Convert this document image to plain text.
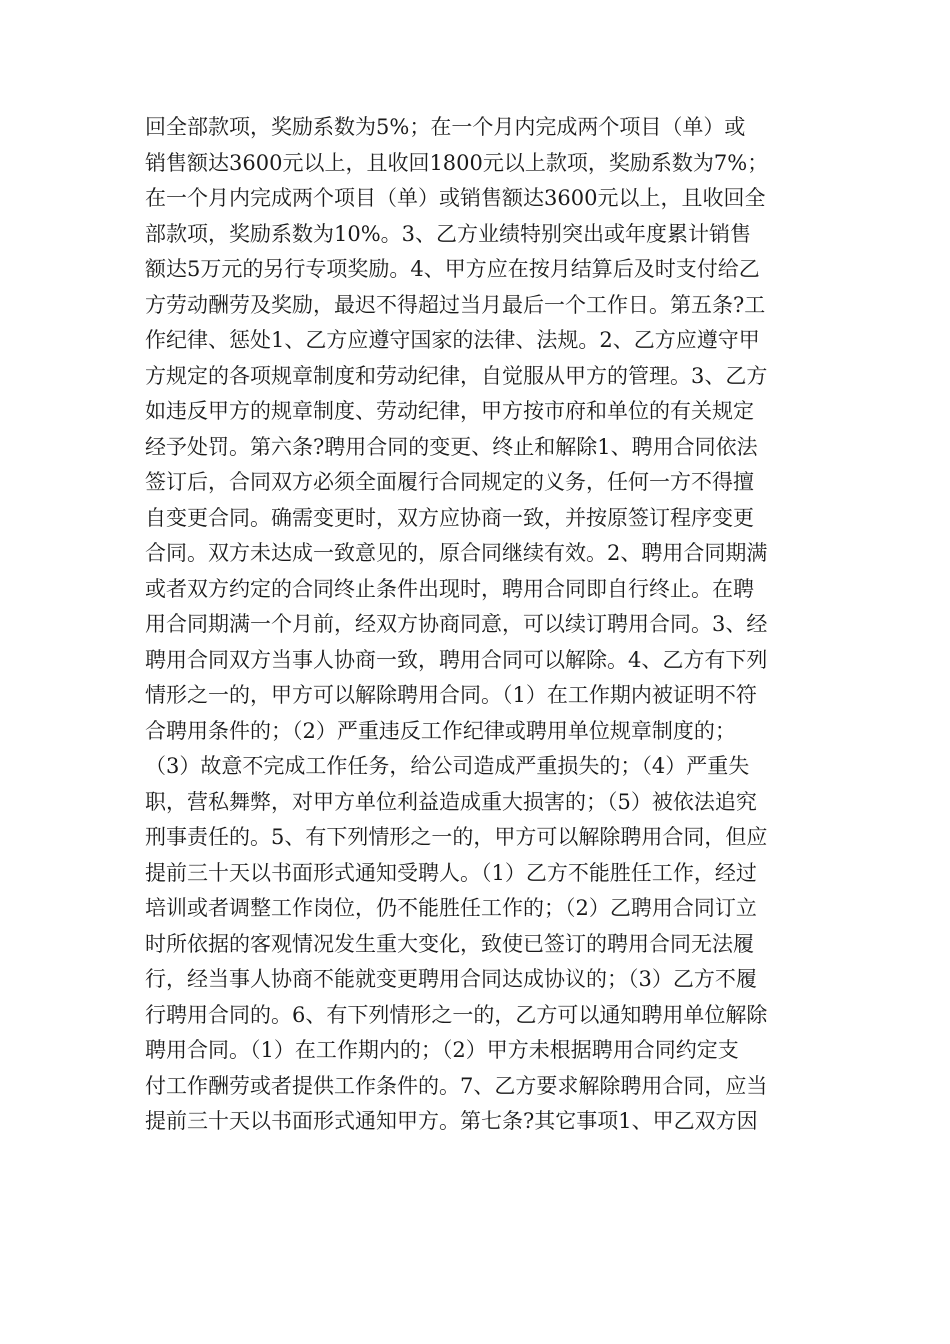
回全部款项，奖励系数为5%；在一个月内完成两个项目（单）或
销售额达3600元以上，且收回1800元以上款项，奖励系数为7%；
在一个月内完成两个项目（单）或销售额达3600元以上，且收回全
部款项，奖励系数为10%。3、乙方业绩特别突出或年度累计销售
额达5万元的另行专项奖励。4、甲方应在按月结算后及时支付给乙
方劳动酬劳及奖励，最迟不得超过当月最后一个工作日。第五条?工
作纪律、惩处1、乙方应遵守国家的法律、法规。2、乙方应遵守甲
方规定的各项规章制度和劳动纪律，自觉服从甲方的管理。3、乙方
如违反甲方的规章制度、劳动纪律，甲方按市府和单位的有关规定
经予处罚。第六条?聘用合同的变更、终止和解除1、聘用合同依法
签订后，合同双方必须全面履行合同规定的义务，任何一方不得擅
自变更合同。确需变更时，双方应协商一致，并按原签订程序变更
合同。双方未达成一致意见的，原合同继续有效。2、聘用合同期满
或者双方约定的合同终止条件出现时，聘用合同即自行终止。在聘
用合同期满一个月前，经双方协商同意，可以续订聘用合同。3、经
聘用合同双方当事人协商一致，聘用合同可以解除。4、乙方有下列
情形之一的，甲方可以解除聘用合同。（1）在工作期内被证明不符
合聘用条件的；（2）严重违反工作纪律或聘用单位规章制度的；
（3）故意不完成工作任务，给公司造成严重损失的；（4）严重失
职，营私舞弊，对甲方单位利益造成重大损害的；（5）被依法追究
刑事责任的。5、有下列情形之一的，甲方可以解除聘用合同，但应
提前三十天以书面形式通知受聘人。（1）乙方不能胜任工作，经过
培训或者调整工作岗位，仍不能胜任工作的；（2）乙聘用合同订立
时所依据的客观情况发生重大变化，致使已签订的聘用合同无法履
行，经当事人协商不能就变更聘用合同达成协议的；（3）乙方不履
行聘用合同的。6、有下列情形之一的，乙方可以通知聘用单位解除
聘用合同。（1）在工作期内的；（2）甲方未根据聘用合同约定支
付工作酬劳或者提供工作条件的。7、乙方要求解除聘用合同，应当
提前三十天以书面形式通知甲方。第七条?其它事项1、甲乙双方因
